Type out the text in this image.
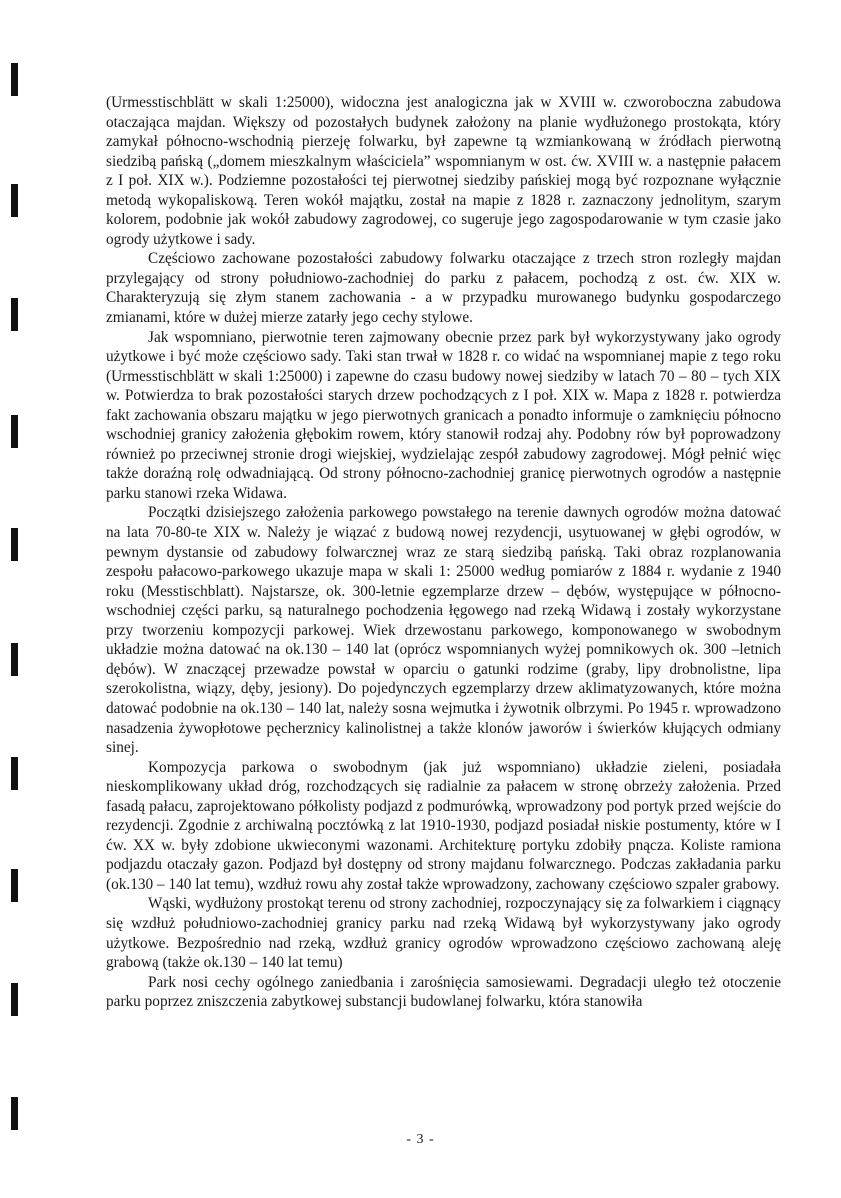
(Urmesstischblätt w skali 1:25000), widoczna jest analogiczna jak w XVIII w. czworoboczna zabudowa otaczająca majdan. Większy od pozostałych budynek założony na planie wydłużonego prostokąta, który zamykał północno-wschodnią pierzeję folwarku, był zapewne tą wzmiankowaną w źródłach pierwotną siedzibą pańską („domem mieszkalnym właściciela” wspomnianym w ost. ćw. XVIII w. a następnie pałacem z I poł. XIX w.). Podziemne pozostałości tej pierwotnej siedziby pańskiej mogą być rozpoznane wyłącznie metodą wykopaliskową. Teren wokół majątku, został na mapie z 1828 r. zaznaczony jednolitym, szarym kolorem, podobnie jak wokół zabudowy zagrodowej, co sugeruje jego zagospodarowanie w tym czasie jako ogrody użytkowe i sady.

Częściowo zachowane pozostałości zabudowy folwarku otaczające z trzech stron rozległy majdan przylegający od strony południowo-zachodniej do parku z pałacem, pochodzą z ost. ćw. XIX w. Charakteryzują się złym stanem zachowania - a w przypadku murowanego budynku gospodarczego zmianami, które w dużej mierze zatarły jego cechy stylowe.

Jak wspomniano, pierwotnie teren zajmowany obecnie przez park był wykorzystywany jako ogrody użytkowe i być może częściowo sady. Taki stan trwał w 1828 r. co widać na wspomnianej mapie z tego roku (Urmesstischblätt w skali 1:25000) i zapewne do czasu budowy nowej siedziby w latach 70 – 80 – tych XIX w. Potwierdza to brak pozostałości starych drzew pochodzących z I poł. XIX w. Mapa z 1828 r. potwierdza fakt zachowania obszaru majątku w jego pierwotnych granicach a ponadto informuje o zamknięciu północno wschodniej granicy założenia głębokim rowem, który stanowił rodzaj ahy. Podobny rów był poprowadzony również po przeciwnej stronie drogi wiejskiej, wydzielając zespół zabudowy zagrodowej. Mógł pełnić więc także doraźną rolę odwadniającą. Od strony północno-zachodniej granicę pierwotnych ogrodów a następnie parku stanowi rzeka Widawa.

Początki dzisiejszego założenia parkowego powstałego na terenie dawnych ogrodów można datować na lata 70-80-te XIX w. Należy je wiązać z budową nowej rezydencji, usytuowanej w głębi ogrodów, w pewnym dystansie od zabudowy folwarcznej wraz ze starą siedzibą pańską. Taki obraz rozplanowania zespołu pałacowo-parkowego ukazuje mapa w skali 1: 25000 według pomiarów z 1884 r. wydanie z 1940 roku (Messtischblatt). Najstarsze, ok. 300-letnie egzemplarze drzew – dębów, występujące w północno-wschodniej części parku, są naturalnego pochodzenia łęgowego nad rzeką Widawą i zostały wykorzystane przy tworzeniu kompozycji parkowej. Wiek drzewostanu parkowego, komponowanego w swobodnym układzie można datować na ok.130 – 140 lat (oprócz wspomnianych wyżej pomnikowych ok. 300 –letnich dębów). W znaczącej przewadze powstał w oparciu o gatunki rodzime (graby, lipy drobnolistne, lipa szerokolistna, wiązy, dęby, jesiony). Do pojedynczych egzemplarzy drzew aklimatyzowanych, które można datować podobnie na ok.130 – 140 lat, należy sosna wejmutka i żywotnik olbrzymi. Po 1945 r. wprowadzono nasadzenia żywopłotowe pęcherznicy kalinolistnej a także klonów jaworów i świerków kłujących odmiany sinej.

Kompozycja parkowa o swobodnym (jak już wspomniano) układzie zieleni, posiadała nieskomplikowany układ dróg, rozchodzących się radialnie za pałacem w stronę obrzeży założenia. Przed fasadą pałacu, zaprojektowano półkolisty podjazd z podmurówką, wprowadzony pod portyk przed wejście do rezydencji. Zgodnie z archiwalną pocztówką z lat 1910-1930, podjazd posiadał niskie postumenty, które w I ćw. XX w. były zdobione ukwieconymi wazonami. Architekturę portyku zdobiły pnącza. Koliste ramiona podjazdu otaczały gazon. Podjazd był dostępny od strony majdanu folwarcznego. Podczas zakładania parku (ok.130 – 140 lat temu), wzdłuż rowu ahy został także wprowadzony, zachowany częściowo szpaler grabowy.

Wąski, wydłużony prostokąt terenu od strony zachodniej, rozpoczynający się za folwarkiem i ciągnący się wzdłuż południowo-zachodniej granicy parku nad rzeką Widawą był wykorzystywany jako ogrody użytkowe. Bezpośrednio nad rzeką, wzdłuż granicy ogrodów wprowadzono częściowo zachowaną aleję grabową (także ok.130 – 140 lat temu)

Park nosi cechy ogólnego zaniedbania i zarośnięcia samosiewami. Degradacji uległo też otoczenie parku poprzez zniszczenia zabytkowej substancji budowlanej folwarku, która stanowiła

- 3 -
